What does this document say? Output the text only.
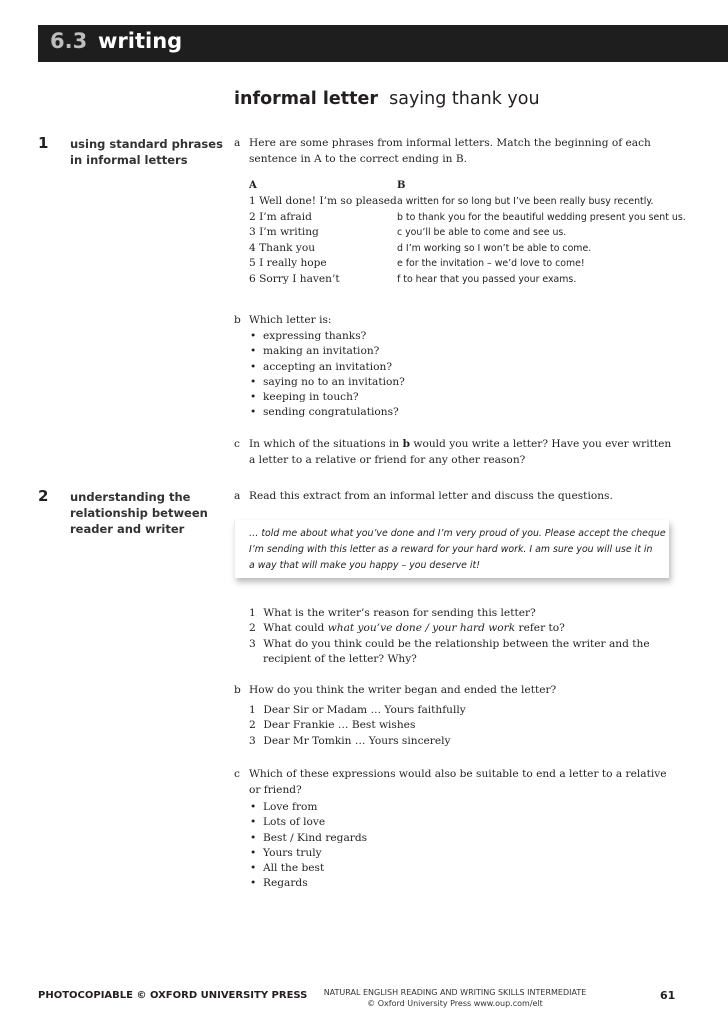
6.3 writing
informal letter saying thank you
1 using standard phrases
in informal letters
a Here are some phrases from informal letters. Match the beginning of each
sentence in A to the correct ending in B.
A	B
1 Well done! I’m so pleased
2 I’m afraid
3 I’m writing
4 Thank you
5 I really hope
6 Sorry I haven’t
a written for so long but I’ve been really busy recently.
b to thank you for the beautiful wedding present you sent us.
c you’ll be able to come and see us.
d I’m working so I won’t be able to come.
e for the invitation – we’d love to come!
f to hear that you passed your exams.
b Which letter is:
• expressing thanks?
• making an invitation?
• accepting an invitation?
• saying no to an invitation?
• keeping in touch?
• sending congratulations?
c In which of the situations in b would you write a letter? Have you ever written
a letter to a relative or friend for any other reason?
2 understanding the
relationship between
reader and writer
a Read this extract from an informal letter and discuss the questions.
… told me about what you’ve done and I’m very proud of you. Please accept the cheque
I’m sending with this letter as a reward for your hard work. I am sure you will use it in
a way that will make you happy – you deserve it!
1 What is the writer’s reason for sending this letter?
2 What could what you’ve done / your hard work refer to?
3 What do you think could be the relationship between the writer and the
recipient of the letter? Why?
b How do you think the writer began and ended the letter?
1 Dear Sir or Madam … Yours faithfully
2 Dear Frankie … Best wishes
3 Dear Mr Tomkin … Yours sincerely
c Which of these expressions would also be suitable to end a letter to a relative
or friend?
• Love from
• Lots of love
• Best / Kind regards
• Yours truly
• All the best
• Regards
PHOTOCOPIABLE © OXFORD UNIVERSITY PRESS	NATURAL ENGLISH READING AND WRITING SKILLS INTERMEDIATE
© Oxford University Press www.oup.com/elt
61
